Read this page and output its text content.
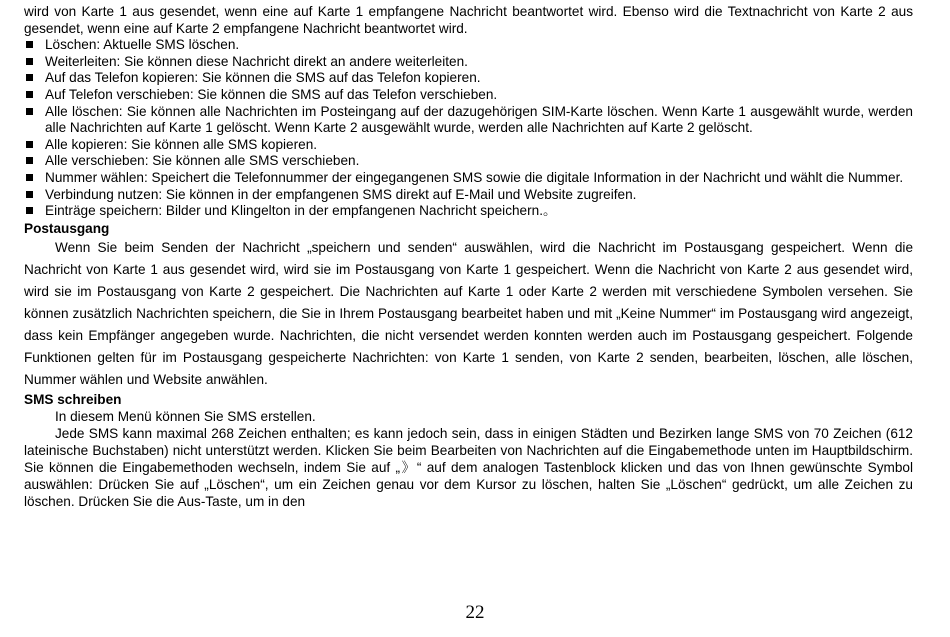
wird von Karte 1 aus gesendet, wenn eine auf Karte 1 empfangene Nachricht beantwortet wird. Ebenso wird die Textnachricht von Karte 2 aus gesendet, wenn eine auf Karte 2 empfangene Nachricht beantwortet wird.

Löschen: Aktuelle SMS löschen.
Weiterleiten: Sie können diese Nachricht direkt an andere weiterleiten.
Auf das Telefon kopieren: Sie können die SMS auf das Telefon kopieren.
Auf Telefon verschieben: Sie können die SMS auf das Telefon verschieben.
Alle löschen: Sie können alle Nachrichten im Posteingang auf der dazugehörigen SIM-Karte löschen. Wenn Karte 1 ausgewählt wurde, werden alle Nachrichten auf Karte 1 gelöscht. Wenn Karte 2 ausgewählt wurde, werden alle Nachrichten auf Karte 2 gelöscht.
Alle kopieren: Sie können alle SMS kopieren.
Alle verschieben: Sie können alle SMS verschieben.
Nummer wählen: Speichert die Telefonnummer der eingegangenen SMS sowie die digitale Information in der Nachricht und wählt die Nummer.
Verbindung nutzen: Sie können in der empfangenen SMS direkt auf E-Mail und Website zugreifen.
Einträge speichern: Bilder und Klingelton in der empfangenen Nachricht speichern.。

Postausgang

Wenn Sie beim Senden der Nachricht „speichern und senden“ auswählen, wird die Nachricht im Postausgang gespeichert. Wenn die Nachricht von Karte 1 aus gesendet wird, wird sie im Postausgang von Karte 1 gespeichert. Wenn die Nachricht von Karte 2 aus gesendet wird, wird sie im Postausgang von Karte 2 gespeichert. Die Nachrichten auf Karte 1 oder Karte 2 werden mit verschiedene Symbolen versehen. Sie können zusätzlich Nachrichten speichern, die Sie in Ihrem Postausgang bearbeitet haben und mit „Keine Nummer“ im Postausgang wird angezeigt, dass kein Empfänger angegeben wurde. Nachrichten, die nicht versendet werden konnten werden auch im Postausgang gespeichert. Folgende Funktionen gelten für im Postausgang gespeicherte Nachrichten: von Karte 1 senden, von Karte 2 senden, bearbeiten, löschen, alle löschen, Nummer wählen und Website anwählen.

SMS schreiben

In diesem Menü können Sie SMS erstellen.

Jede SMS kann maximal 268 Zeichen enthalten; es kann jedoch sein, dass in einigen Städten und Bezirken lange SMS von 70 Zeichen (612 lateinische Buchstaben) nicht unterstützt werden. Klicken Sie beim Bearbeiten von Nachrichten auf die Eingabemethode unten im Hauptbildschirm. Sie können die Eingabemethoden wechseln, indem Sie auf „》“ auf dem analogen Tastenblock klicken und das von Ihnen gewünschte Symbol auswählen: Drücken Sie auf „Löschen“, um ein Zeichen genau vor dem Kursor zu löschen, halten Sie „Löschen“ gedrückt, um alle Zeichen zu löschen. Drücken Sie die Aus-Taste, um in den

22
